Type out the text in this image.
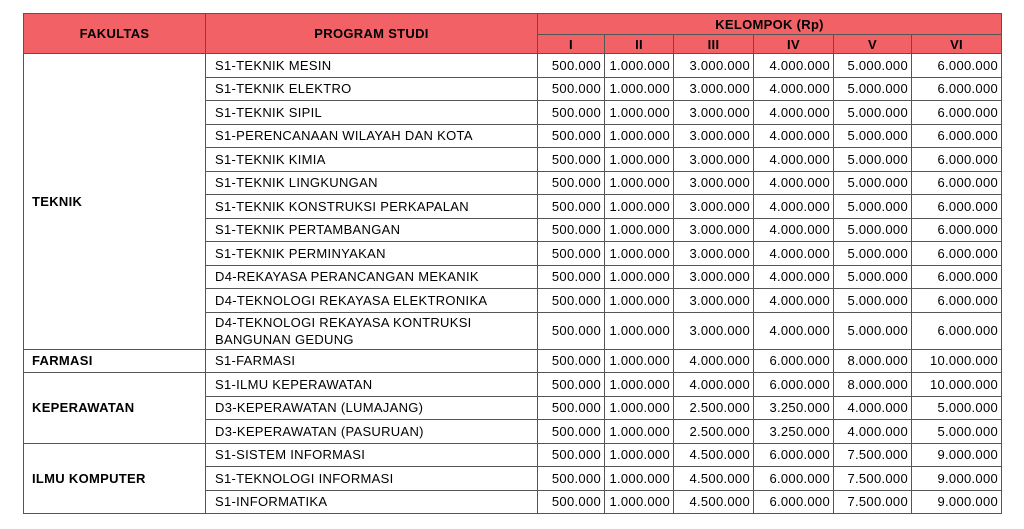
FAKULTAS	PROGRAM STUDI	KELOMPOK (Rp)					
		I	II	III	IV	V	VI
TEKNIK	S1-TEKNIK MESIN	500.000	1.000.000	3.000.000	4.000.000	5.000.000	6.000.000
	S1-TEKNIK ELEKTRO	500.000	1.000.000	3.000.000	4.000.000	5.000.000	6.000.000
	S1-TEKNIK SIPIL	500.000	1.000.000	3.000.000	4.000.000	5.000.000	6.000.000
	S1-PERENCANAAN WILAYAH DAN KOTA	500.000	1.000.000	3.000.000	4.000.000	5.000.000	6.000.000
	S1-TEKNIK KIMIA	500.000	1.000.000	3.000.000	4.000.000	5.000.000	6.000.000
	S1-TEKNIK LINGKUNGAN	500.000	1.000.000	3.000.000	4.000.000	5.000.000	6.000.000
	S1-TEKNIK KONSTRUKSI PERKAPALAN	500.000	1.000.000	3.000.000	4.000.000	5.000.000	6.000.000
	S1-TEKNIK PERTAMBANGAN	500.000	1.000.000	3.000.000	4.000.000	5.000.000	6.000.000
	S1-TEKNIK PERMINYAKAN	500.000	1.000.000	3.000.000	4.000.000	5.000.000	6.000.000
	D4-REKAYASA PERANCANGAN MEKANIK	500.000	1.000.000	3.000.000	4.000.000	5.000.000	6.000.000
	D4-TEKNOLOGI REKAYASA ELEKTRONIKA	500.000	1.000.000	3.000.000	4.000.000	5.000.000	6.000.000
	D4-TEKNOLOGI REKAYASA KONTRUKSI BANGUNAN GEDUNG	500.000	1.000.000	3.000.000	4.000.000	5.000.000	6.000.000
FARMASI	S1-FARMASI	500.000	1.000.000	4.000.000	6.000.000	8.000.000	10.000.000
KEPERAWATAN	S1-ILMU KEPERAWATAN	500.000	1.000.000	4.000.000	6.000.000	8.000.000	10.000.000
	D3-KEPERAWATAN (LUMAJANG)	500.000	1.000.000	2.500.000	3.250.000	4.000.000	5.000.000
	D3-KEPERAWATAN (PASURUAN)	500.000	1.000.000	2.500.000	3.250.000	4.000.000	5.000.000
ILMU KOMPUTER	S1-SISTEM INFORMASI	500.000	1.000.000	4.500.000	6.000.000	7.500.000	9.000.000
	S1-TEKNOLOGI INFORMASI	500.000	1.000.000	4.500.000	6.000.000	7.500.000	9.000.000
	S1-INFORMATIKA	500.000	1.000.000	4.500.000	6.000.000	7.500.000	9.000.000
